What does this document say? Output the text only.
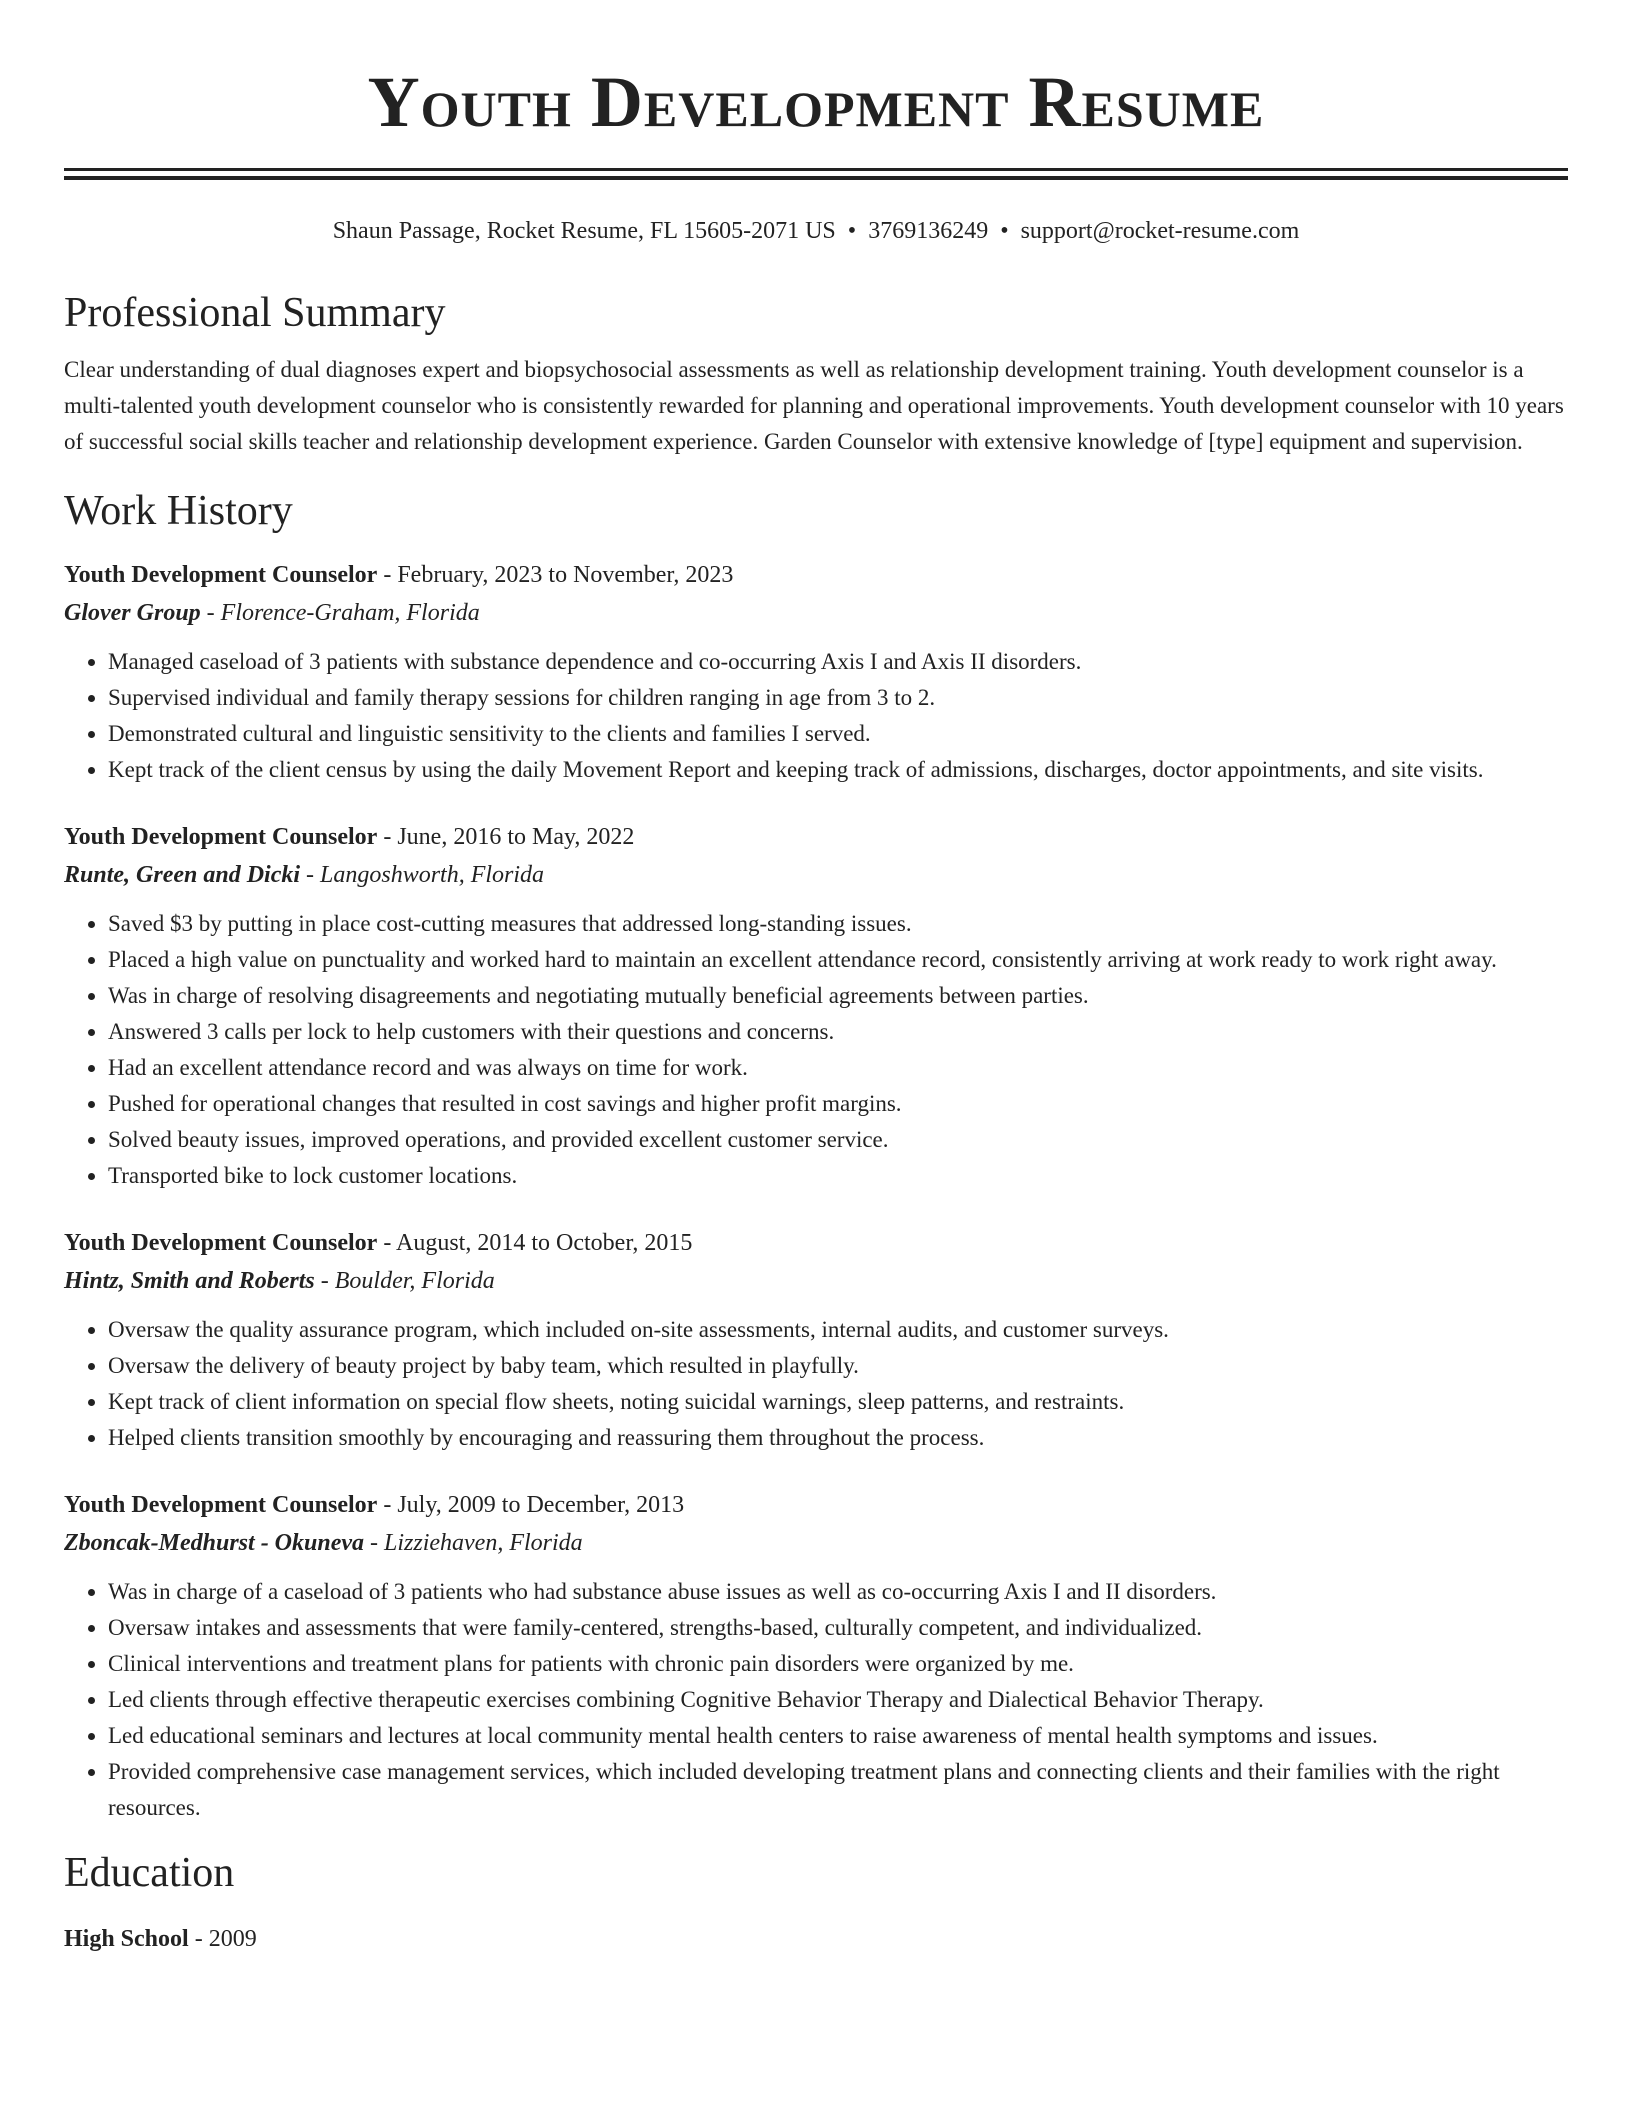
Youth Development Resume
Shaun Passage, Rocket Resume, FL 15605-2071 US • 3769136249 • support@rocket-resume.com
Professional Summary
Clear understanding of dual diagnoses expert and biopsychosocial assessments as well as relationship development training. Youth development counselor is a multi-talented youth development counselor who is consistently rewarded for planning and operational improvements. Youth development counselor with 10 years of successful social skills teacher and relationship development experience. Garden Counselor with extensive knowledge of [type] equipment and supervision.
Work History
Youth Development Counselor - February, 2023 to November, 2023
Glover Group - Florence-Graham, Florida
• Managed caseload of 3 patients with substance dependence and co-occurring Axis I and Axis II disorders.
• Supervised individual and family therapy sessions for children ranging in age from 3 to 2.
• Demonstrated cultural and linguistic sensitivity to the clients and families I served.
• Kept track of the client census by using the daily Movement Report and keeping track of admissions, discharges, doctor appointments, and site visits.
Youth Development Counselor - June, 2016 to May, 2022
Runte, Green and Dicki - Langoshworth, Florida
• Saved $3 by putting in place cost-cutting measures that addressed long-standing issues.
• Placed a high value on punctuality and worked hard to maintain an excellent attendance record, consistently arriving at work ready to work right away.
• Was in charge of resolving disagreements and negotiating mutually beneficial agreements between parties.
• Answered 3 calls per lock to help customers with their questions and concerns.
• Had an excellent attendance record and was always on time for work.
• Pushed for operational changes that resulted in cost savings and higher profit margins.
• Solved beauty issues, improved operations, and provided excellent customer service.
• Transported bike to lock customer locations.
Youth Development Counselor - August, 2014 to October, 2015
Hintz, Smith and Roberts - Boulder, Florida
• Oversaw the quality assurance program, which included on-site assessments, internal audits, and customer surveys.
• Oversaw the delivery of beauty project by baby team, which resulted in playfully.
• Kept track of client information on special flow sheets, noting suicidal warnings, sleep patterns, and restraints.
• Helped clients transition smoothly by encouraging and reassuring them throughout the process.
Youth Development Counselor - July, 2009 to December, 2013
Zboncak-Medhurst - Okuneva - Lizziehaven, Florida
• Was in charge of a caseload of 3 patients who had substance abuse issues as well as co-occurring Axis I and II disorders.
• Oversaw intakes and assessments that were family-centered, strengths-based, culturally competent, and individualized.
• Clinical interventions and treatment plans for patients with chronic pain disorders were organized by me.
• Led clients through effective therapeutic exercises combining Cognitive Behavior Therapy and Dialectical Behavior Therapy.
• Led educational seminars and lectures at local community mental health centers to raise awareness of mental health symptoms and issues.
• Provided comprehensive case management services, which included developing treatment plans and connecting clients and their families with the right resources.
Education
High School - 2009
